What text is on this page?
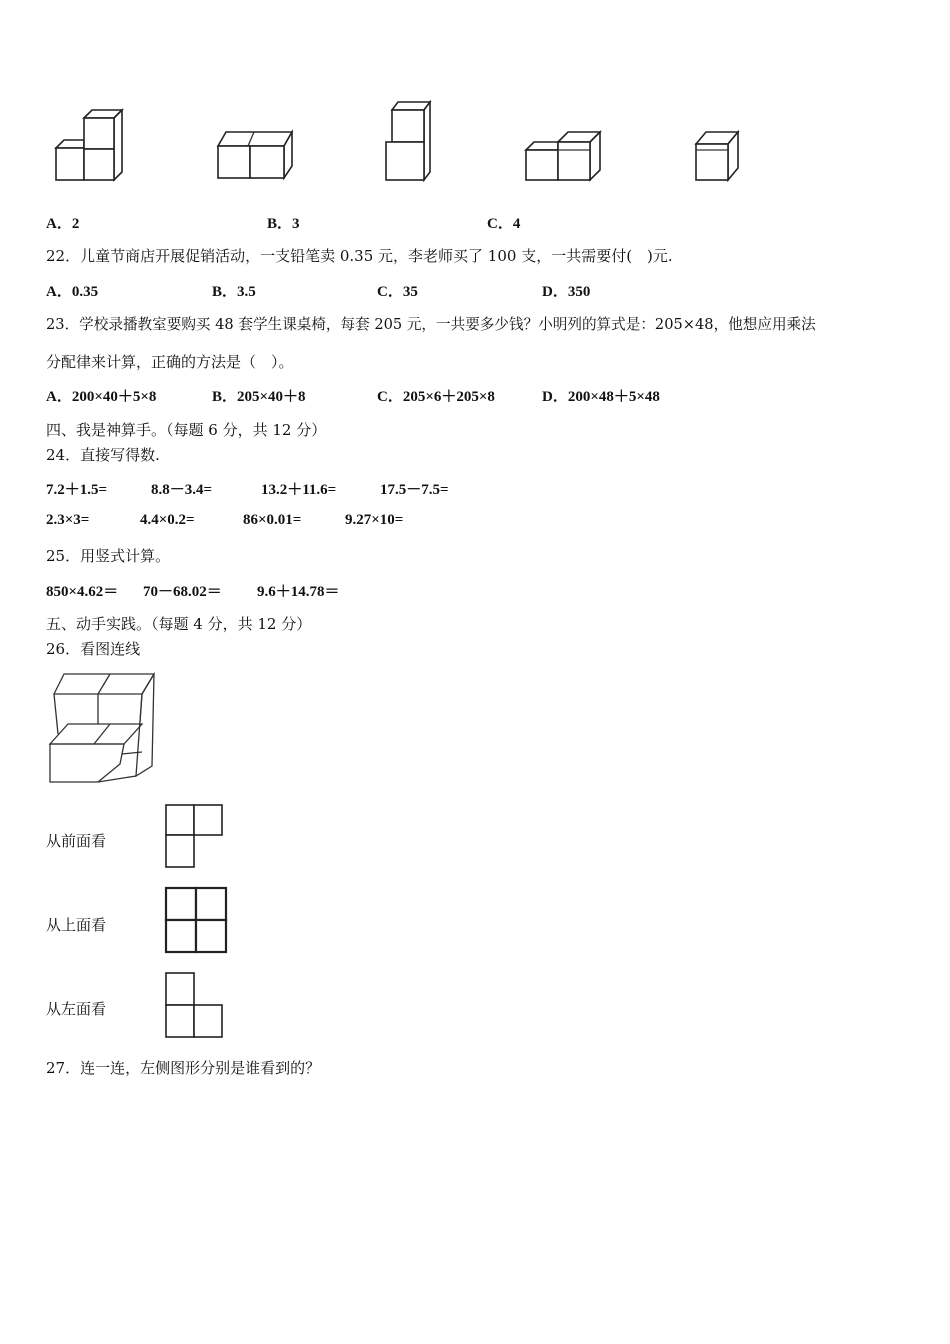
A．2	B．3	C．4
22．儿童节商店开展促销活动，一支铅笔卖 0.35 元，李老师买了 100 支，一共需要付(　)元.
A．0.35	B．3.5	C．35	D．350
23．学校录播教室要购买 48 套学生课桌椅，每套 205 元，一共要多少钱？小明列的算式是：205×48，他想应用乘法
分配律来计算，正确的方法是（　）。
A．200×40＋5×8	B．205×40＋8	C．205×6＋205×8	D．200×48＋5×48
四、我是神算手。（每题 6 分，共 12 分）
24．直接写得数.
7.2＋1.5=	8.8－3.4=	13.2＋11.6=	17.5－7.5=
2.3×3=	4.4×0.2=	86×0.01=	9.27×10=
25．用竖式计算。
850×4.62＝ 70－68.02＝ 9.6＋14.78＝
五、动手实践。（每题 4 分，共 12 分）
26．看图连线
从前面看
从上面看
从左面看
27．连一连，左侧图形分别是谁看到的？
